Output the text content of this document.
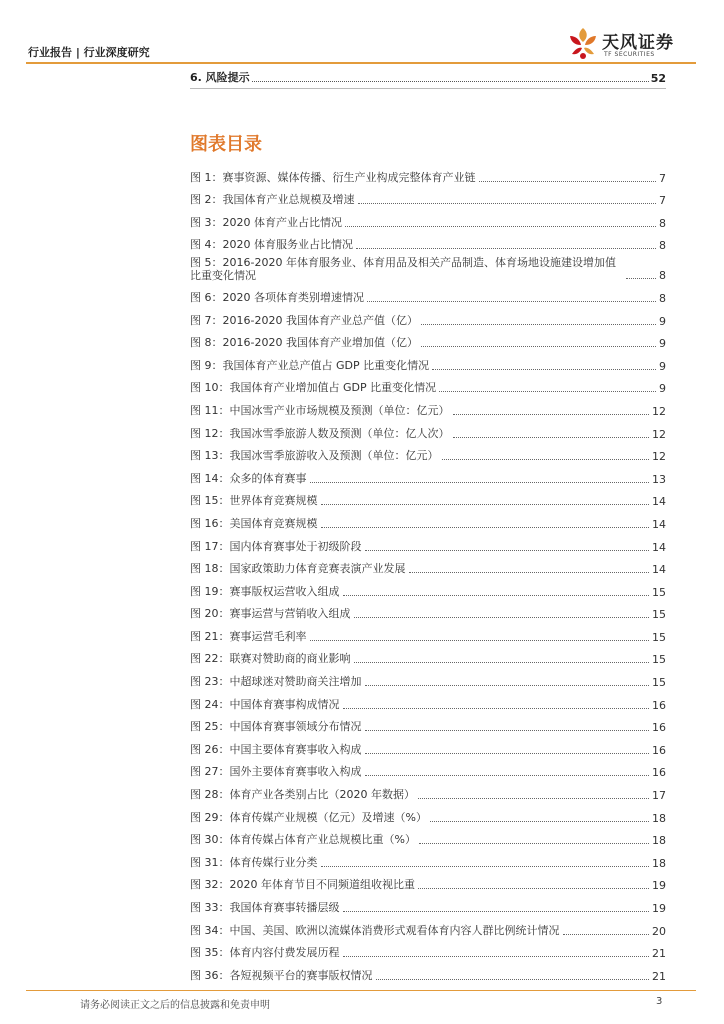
行业报告 | 行业深度研究	天风证券
TF SECURITIES
6. 风险提示	52
图表目录
图 1：赛事资源、媒体传播、衍生产业构成完整体育产业链	7
图 2：我国体育产业总规模及增速	7
图 3：2020 体育产业占比情况	8
图 4：2020 体育服务业占比情况	8
图 5：2016-2020 年体育服务业、体育用品及相关产品制造、体育场地设施建设增加值比重变化情况	8
图 6：2020 各项体育类别增速情况	8
图 7：2016-2020 我国体育产业总产值（亿）	9
图 8：2016-2020 我国体育产业增加值（亿）	9
图 9：我国体育产业总产值占 GDP 比重变化情况	9
图 10：我国体育产业增加值占 GDP 比重变化情况	9
图 11：中国冰雪产业市场规模及预测（单位：亿元）	12
图 12：我国冰雪季旅游人数及预测（单位：亿人次）	12
图 13：我国冰雪季旅游收入及预测（单位：亿元）	12
图 14：众多的体育赛事	13
图 15：世界体育竞赛规模	14
图 16：美国体育竞赛规模	14
图 17：国内体育赛事处于初级阶段	14
图 18：国家政策助力体育竞赛表演产业发展	14
图 19：赛事版权运营收入组成	15
图 20：赛事运营与营销收入组成	15
图 21：赛事运营毛利率	15
图 22：联赛对赞助商的商业影响	15
图 23：中超球迷对赞助商关注增加	15
图 24：中国体育赛事构成情况	16
图 25：中国体育赛事领域分布情况	16
图 26：中国主要体育赛事收入构成	16
图 27：国外主要体育赛事收入构成	16
图 28：体育产业各类别占比（2020 年数据）	17
图 29：体育传媒产业规模（亿元）及增速（%）	18
图 30：体育传媒占体育产业总规模比重（%）	18
图 31：体育传媒行业分类	18
图 32：2020 年体育节目不同频道组收视比重	19
图 33：我国体育赛事转播层级	19
图 34：中国、美国、欧洲以流媒体消费形式观看体育内容人群比例统计情况	20
图 35：体育内容付费发展历程	21
图 36：各短视频平台的赛事版权情况	21
请务必阅读正文之后的信息披露和免责申明	3
